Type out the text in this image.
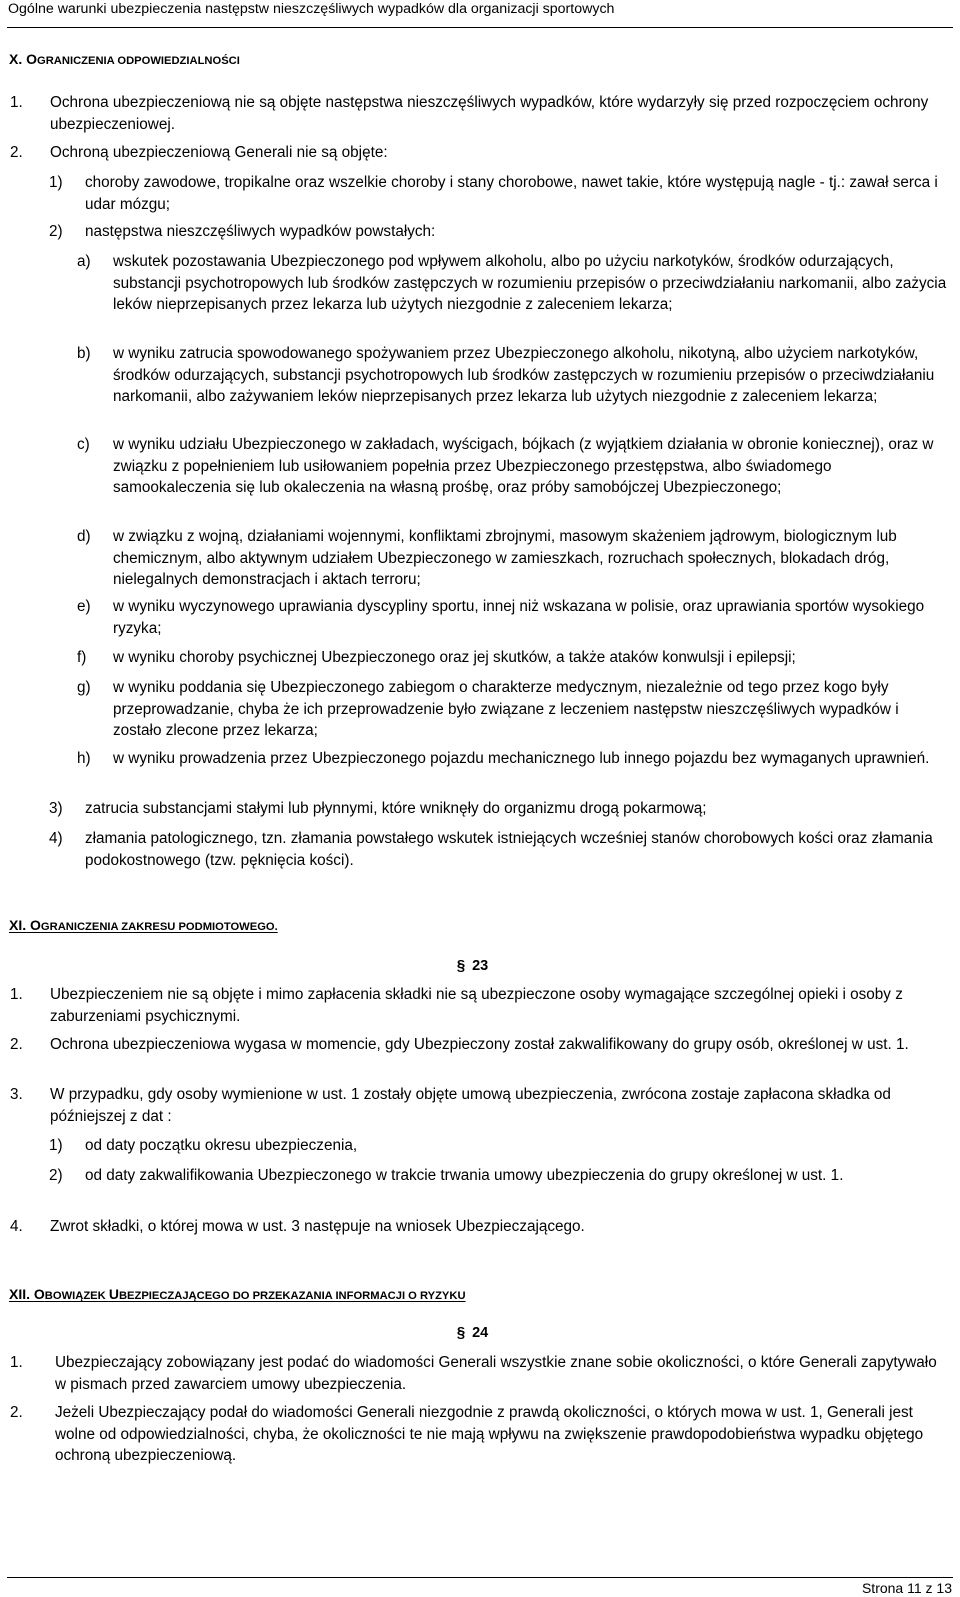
Ogólne warunki ubezpieczenia następstw nieszczęśliwych wypadków dla organizacji sportowych
X. OGRANICZENIA ODPOWIEDZIALNOŚCI
1. Ochrona ubezpieczeniową nie są objęte następstwa nieszczęśliwych wypadków, które wydarzyły się przed rozpoczęciem ochrony ubezpieczeniowej.
2. Ochroną ubezpieczeniową Generali nie są objęte:
1) choroby zawodowe, tropikalne oraz wszelkie choroby i stany chorobowe, nawet takie, które występują nagle - tj.: zawał serca i udar mózgu;
2) następstwa nieszczęśliwych wypadków powstałych:
a) wskutek pozostawania Ubezpieczonego pod wpływem alkoholu, albo po użyciu narkotyków, środków odurzających, substancji psychotropowych lub środków zastępczych w rozumieniu przepisów o przeciwdziałaniu narkomanii, albo zażycia leków nieprzepisanych przez lekarza lub użytych niezgodnie z zaleceniem lekarza;
b) w wyniku zatrucia spowodowanego spożywaniem przez Ubezpieczonego alkoholu, nikotyną, albo użyciem narkotyków, środków odurzających, substancji psychotropowych lub środków zastępczych w rozumieniu przepisów o przeciwdziałaniu narkomanii, albo zażywaniem leków nieprzepisanych przez lekarza lub użytych niezgodnie z zaleceniem lekarza;
c) w wyniku udziału Ubezpieczonego w zakładach, wyścigach, bójkach (z wyjątkiem działania w obronie koniecznej), oraz w związku z popełnieniem lub usiłowaniem popełnia przez Ubezpieczonego przestępstwa, albo świadomego samookaleczenia się lub okaleczenia na własną prośbę, oraz próby samobójczej Ubezpieczonego;
d) w związku z wojną, działaniami wojennymi, konfliktami zbrojnymi, masowym skażeniem jądrowym, biologicznym lub chemicznym, albo aktywnym udziałem Ubezpieczonego w zamieszkach, rozruchach społecznych, blokadach dróg, nielegalnych demonstracjach i aktach terroru;
e) w wyniku wyczynowego uprawiania dyscypliny sportu, innej niż wskazana w polisie, oraz uprawiania sportów wysokiego ryzyka;
f) w wyniku choroby psychicznej Ubezpieczonego oraz jej skutków, a także ataków konwulsji i epilepsji;
g) w wyniku poddania się Ubezpieczonego zabiegom o charakterze medycznym, niezależnie od tego przez kogo były przeprowadzanie, chyba że ich przeprowadzenie było związane z leczeniem następstw nieszczęśliwych wypadków i zostało zlecone przez lekarza;
h) w wyniku prowadzenia przez Ubezpieczonego pojazdu mechanicznego lub innego pojazdu bez wymaganych uprawnień.
3) zatrucia substancjami stałymi lub płynnymi, które wniknęły do organizmu drogą pokarmową;
4) złamania patologicznego, tzn. złamania powstałego wskutek istniejących wcześniej stanów chorobowych kości oraz złamania podokostnowego (tzw. pęknięcia kości).
XI. OGRANICZENIA ZAKRESU PODMIOTOWEGO.
§ 23
1. Ubezpieczeniem nie są objęte i mimo zapłacenia składki nie są ubezpieczone osoby wymagające szczególnej opieki i osoby z zaburzeniami psychicznymi.
2. Ochrona ubezpieczeniowa wygasa w momencie, gdy Ubezpieczony został zakwalifikowany do grupy osób, określonej w ust. 1.
3. W przypadku, gdy osoby wymienione w ust. 1 zostały objęte umową ubezpieczenia, zwrócona zostaje zapłacona składka od późniejszej z dat :
1) od daty początku okresu ubezpieczenia,
2) od daty zakwalifikowania Ubezpieczonego w trakcie trwania umowy ubezpieczenia do grupy określonej w ust. 1.
4. Zwrot składki, o której mowa w ust. 3 następuje na wniosek Ubezpieczającego.
XII. OBOWIĄZEK UBEZPIECZAJĄCEGO DO PRZEKAZANIA INFORMACJI O RYZYKU
§ 24
1. Ubezpieczający zobowiązany jest podać do wiadomości Generali wszystkie znane sobie okoliczności, o które Generali zapytywało w pismach przed zawarciem umowy ubezpieczenia.
2. Jeżeli Ubezpieczający podał do wiadomości Generali niezgodnie z prawdą okoliczności, o których mowa w ust. 1, Generali jest wolne od odpowiedzialności, chyba, że okoliczności te nie mają wpływu na zwiększenie prawdopodobieństwa wypadku objętego ochroną ubezpieczeniową.
Strona 11 z 13
